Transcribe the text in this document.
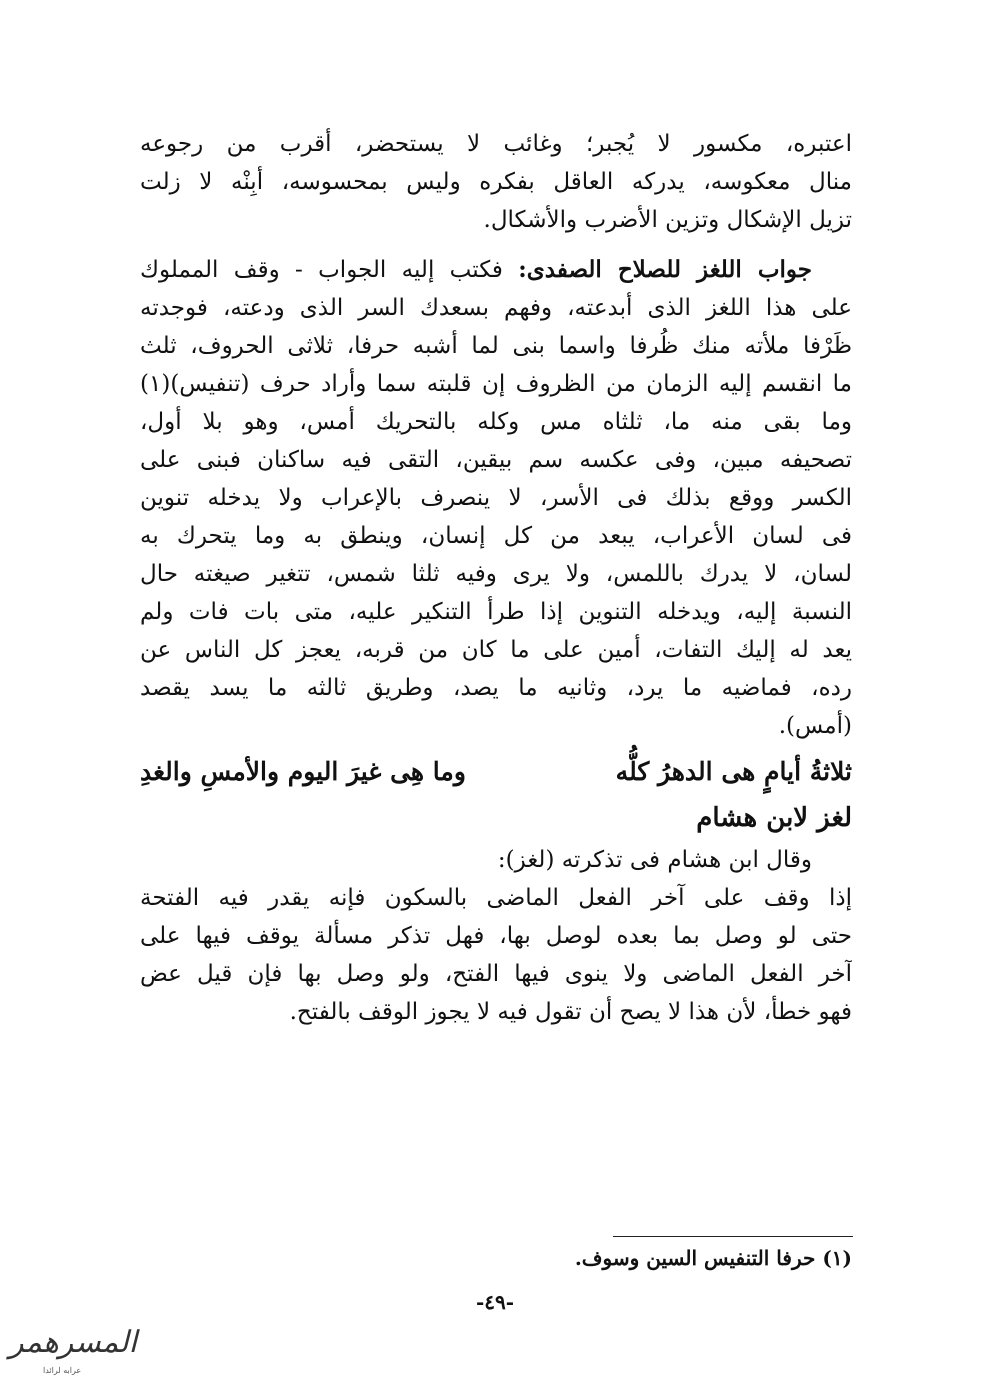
اعتبره، مكسور لا يُجبر؛ وغائب لا يستحضر، أقرب من رجوعه
منال معكوسه، يدركه العاقل بفكره وليس بمحسوسه، أبِنْه لا زلت
تزيل الإشكال وتزين الأضرب والأشكال.
جواب اللغز للصلاح الصفدى: فكتب إليه الجواب - وقف المملوك
على هذا اللغز الذى أبدعته، وفهم بسعدك السر الذى ودعته، فوجدته
ظَرْفا ملأته منك ظُرفا واسما بنى لما أشبه حرفا، ثلاثى الحروف، ثلث
ما انقسم إليه الزمان من الظروف إن قلبته سما وأراد حرف (تنفيس)(١)
وما بقى منه ما، ثلثاه مس وكله بالتحريك أمس، وهو بلا أول،
تصحيفه مبين، وفى عكسه سم بيقين، التقى فيه ساكنان فبنى على
الكسر ووقع بذلك فى الأسر، لا ينصرف بالإعراب ولا يدخله تنوين
فى لسان الأعراب، يبعد من كل إنسان، وينطق به وما يتحرك به
لسان، لا يدرك باللمس، ولا يرى وفيه ثلثا شمس، تتغير صيغته حال
النسبة إليه، ويدخله التنوين إذا طرأ التنكير عليه، متى بات فات ولم
يعد له إليك التفات، أمين على ما كان من قربه، يعجز كل الناس عن
رده، فماضيه ما يرد، وثانيه ما يصد، وطريق ثالثه ما يسد يقصد
(أمس).
ثلاثةُ أيامٍ هى الدهرُ كلُّه
وما هِى غيرَ اليوم والأمسِ والغدِ
لغز لابن هشام
وقال ابن هشام فى تذكرته (لغز):
إذا وقف على آخر الفعل الماضى بالسكون فإنه يقدر فيه الفتحة
حتى لو وصل بما بعده لوصل بها، فهل تذكر مسألة يوقف فيها على
آخر الفعل الماضى ولا ينوى فيها الفتح، ولو وصل بها فإن قيل عض
فهو خطأ، لأن هذا لا يصح أن تقول فيه لا يجوز الوقف بالفتح.
(١) حرفا التنفيس السين وسوف.
-٤٩-
المسرهمر
عرابه لرائدا
